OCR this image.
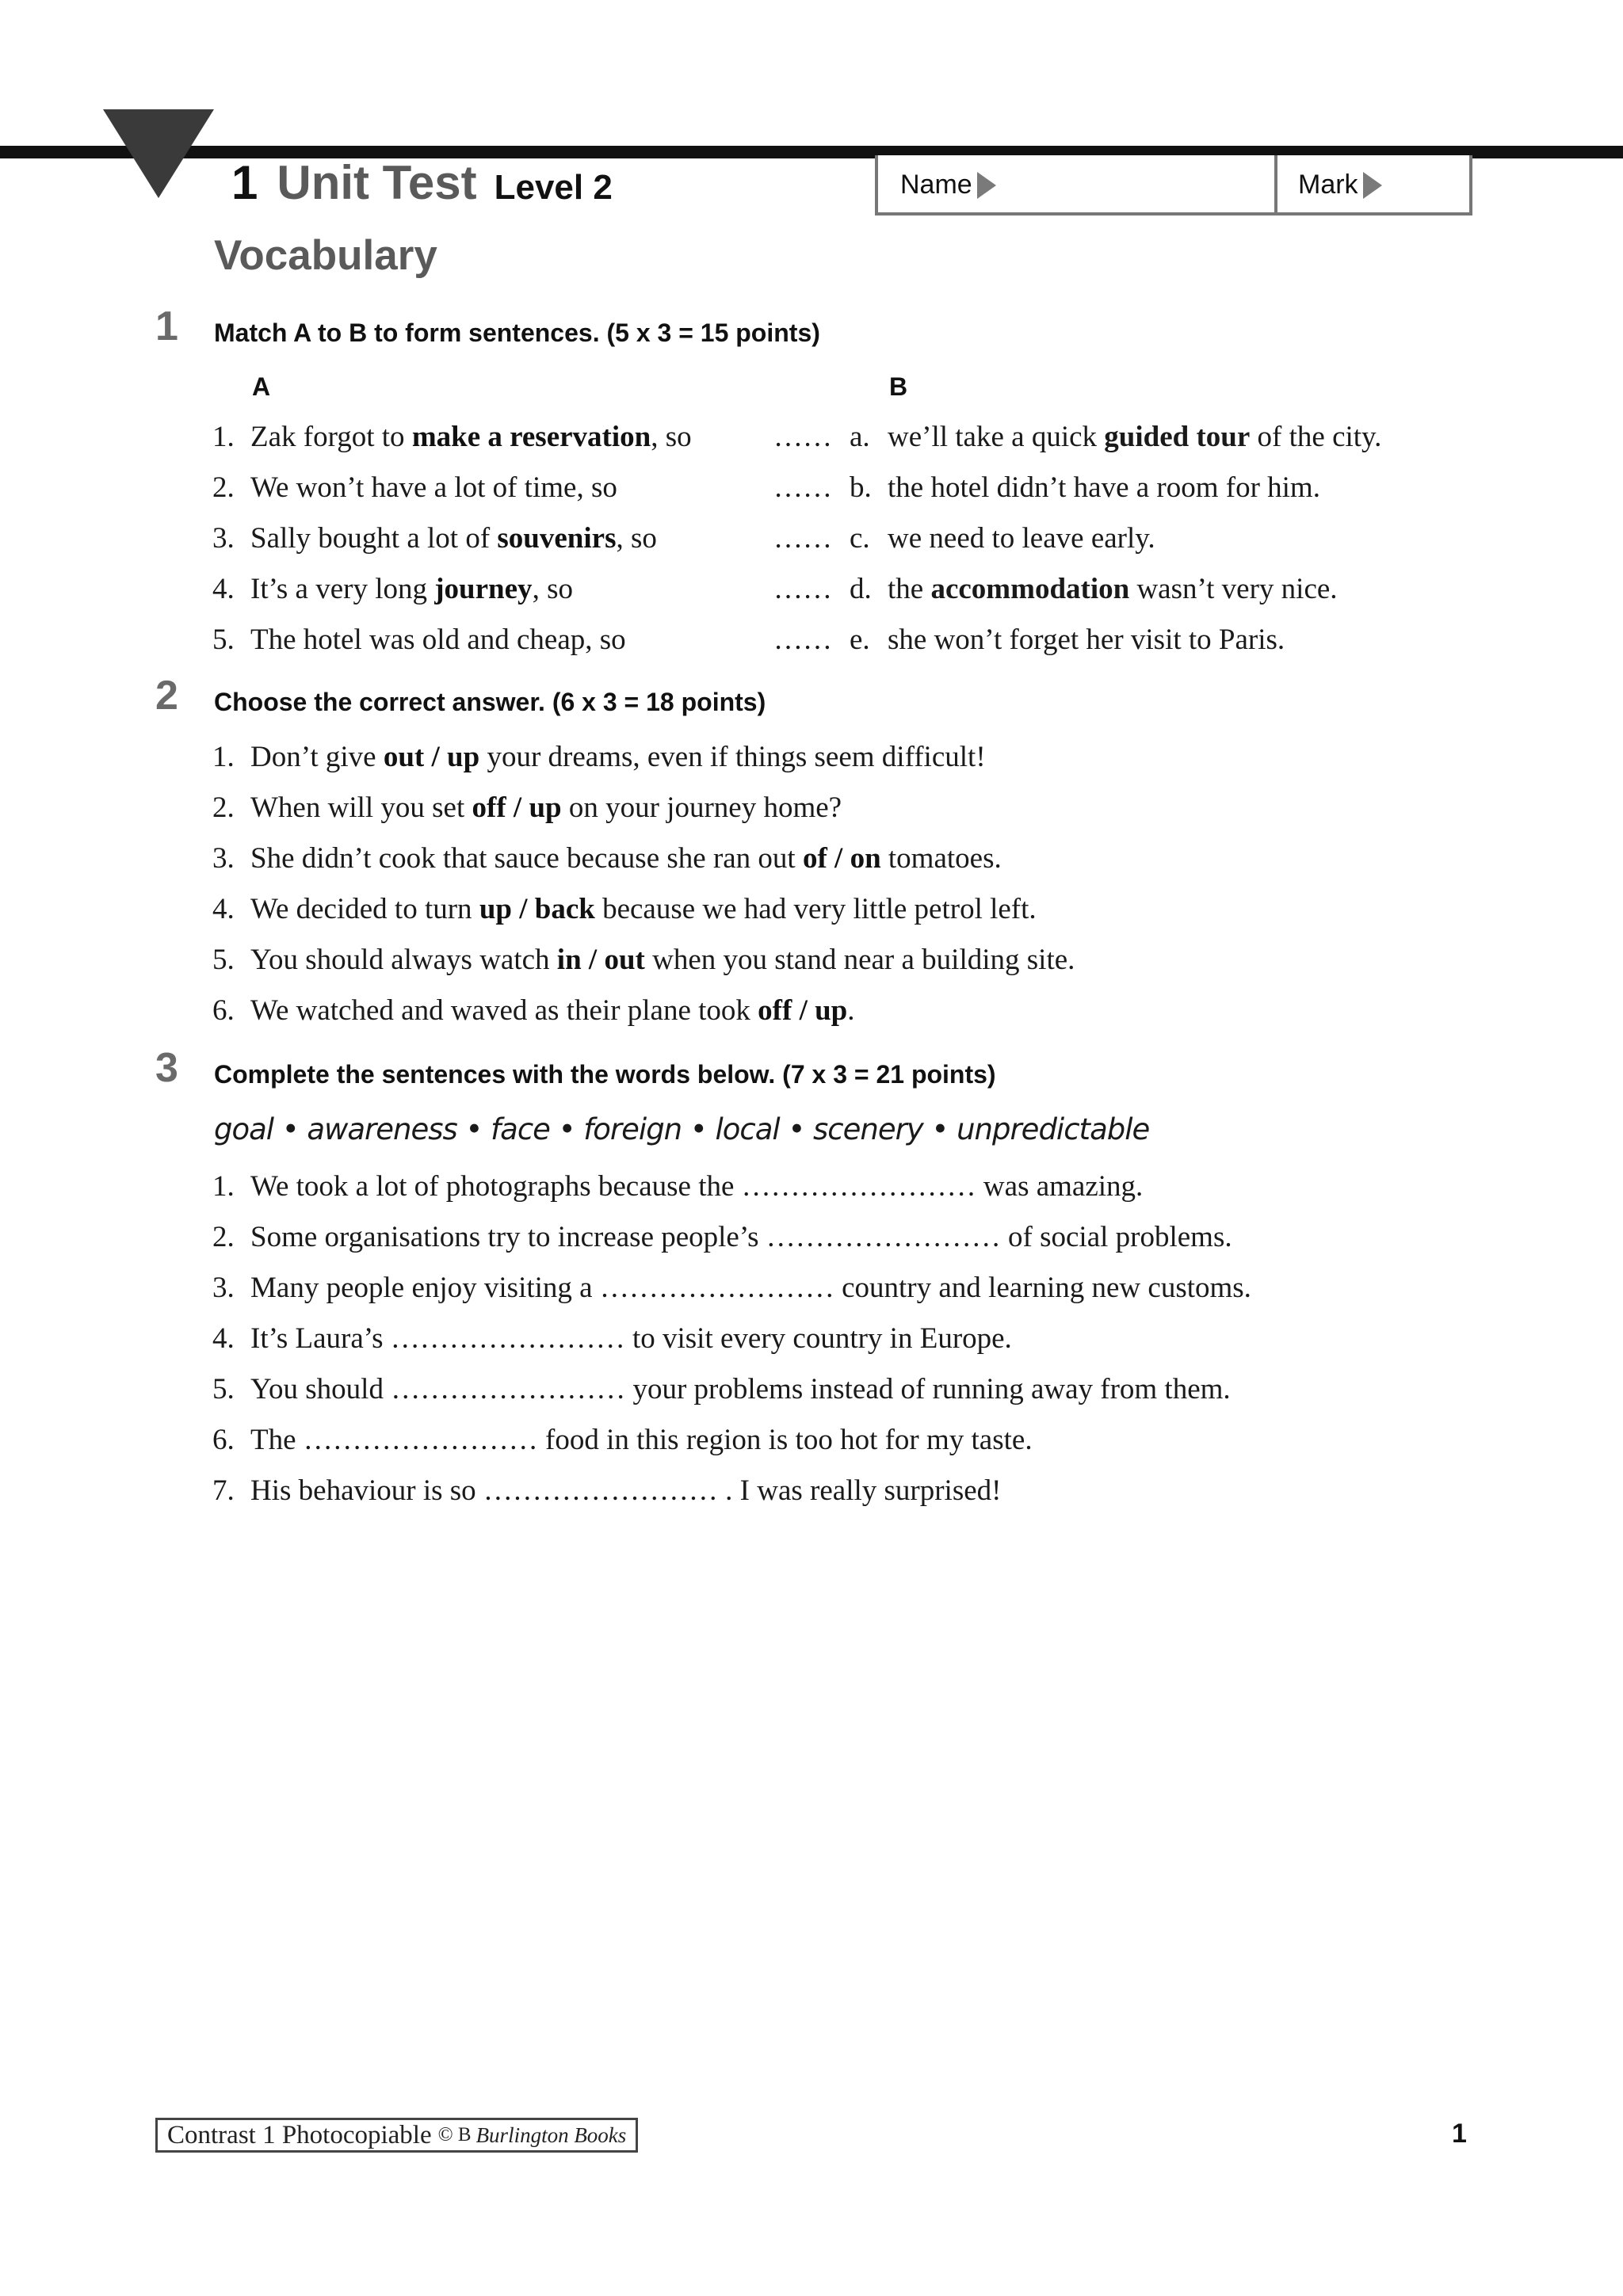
1 Unit Test Level 2	Name	Mark
Vocabulary
1 Match A to B to form sentences. (5 x 3 = 15 points)
A	B
1. Zak forgot to make a reservation, so	…… a. we’ll take a quick guided tour of the city.
2. We won’t have a lot of time, so	…… b. the hotel didn’t have a room for him.
3. Sally bought a lot of souvenirs, so	…… c. we need to leave early.
4. It’s a very long journey, so	…… d. the accommodation wasn’t very nice.
5. The hotel was old and cheap, so	…… e. she won’t forget her visit to Paris.
2 Choose the correct answer. (6 x 3 = 18 points)
1. Don’t give out / up your dreams, even if things seem difficult!
2. When will you set off / up on your journey home?
3. She didn’t cook that sauce because she ran out of / on tomatoes.
4. We decided to turn up / back because we had very little petrol left.
5. You should always watch in / out when you stand near a building site.
6. We watched and waved as their plane took off / up.
3 Complete the sentences with the words below. (7 x 3 = 21 points)
goal • awareness • face • foreign • local • scenery • unpredictable
1. We took a lot of photographs because the …………………… was amazing.
2. Some organisations try to increase people’s …………………… of social problems.
3. Many people enjoy visiting a …………………… country and learning new customs.
4. It’s Laura’s …………………… to visit every country in Europe.
5. You should …………………… your problems instead of running away from them.
6. The …………………… food in this region is too hot for my taste.
7. His behaviour is so …………………… . I was really surprised!
Contrast 1 Photocopiable © B Burlington Books	1
